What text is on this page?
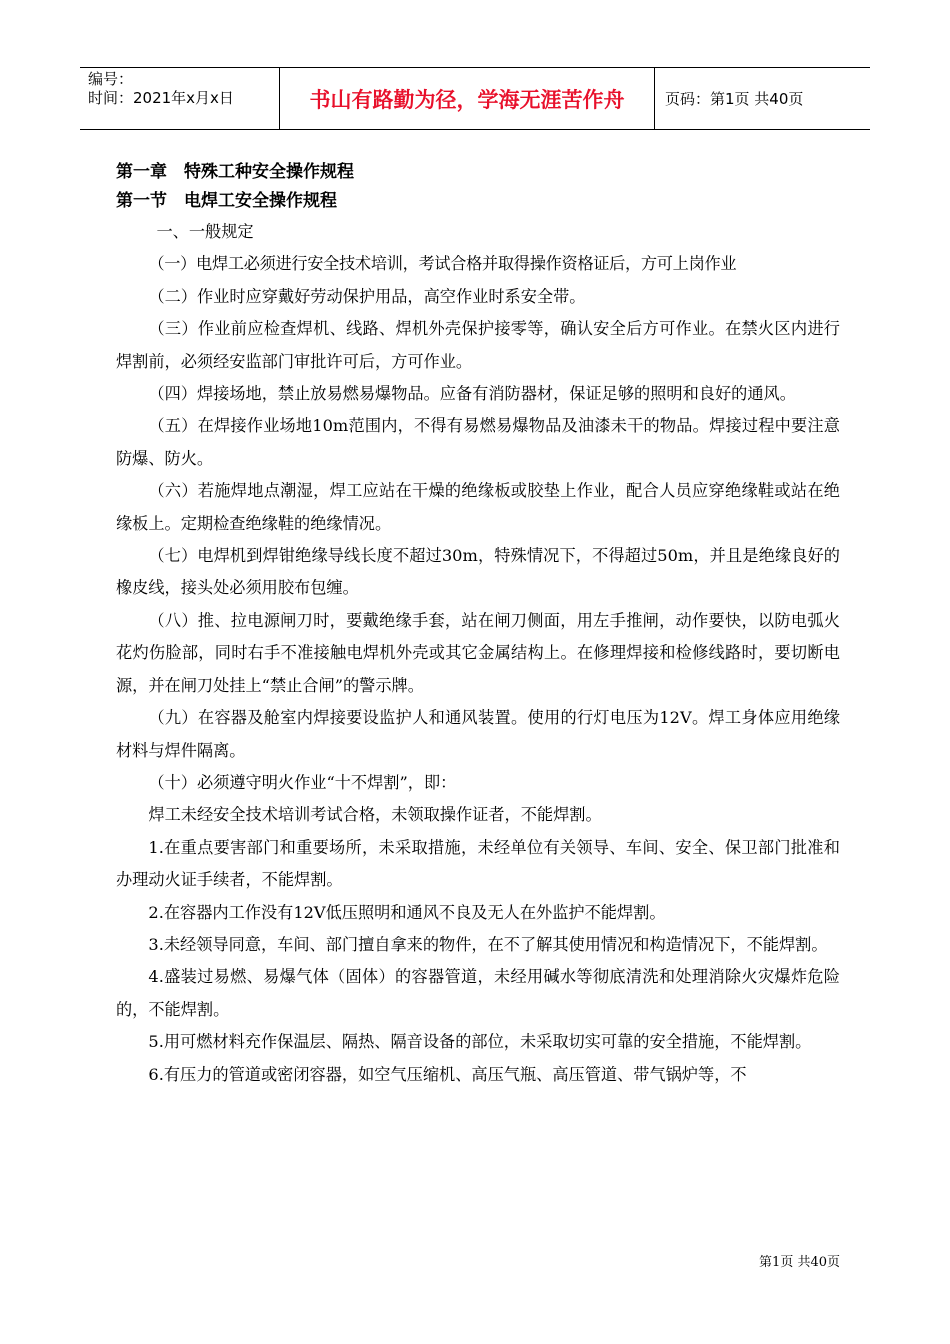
编号：
时间：2021年x月x日	书山有路勤为径，学海无涯苦作舟	页码：第1页 共40页
第一章　特殊工种安全操作规程
第一节　电焊工安全操作规程

一、一般规定

（一）电焊工必须进行安全技术培训，考试合格并取得操作资格证后，方可上岗作业

（二）作业时应穿戴好劳动保护用品，高空作业时系安全带。

（三）作业前应检查焊机、线路、焊机外壳保护接零等，确认安全后方可作业。在禁火区内进行焊割前，必须经安监部门审批许可后，方可作业。

（四）焊接场地，禁止放易燃易爆物品。应备有消防器材，保证足够的照明和良好的通风。

（五）在焊接作业场地10m范围内，不得有易燃易爆物品及油漆未干的物品。焊接过程中要注意防爆、防火。

（六）若施焊地点潮湿，焊工应站在干燥的绝缘板或胶垫上作业，配合人员应穿绝缘鞋或站在绝缘板上。定期检查绝缘鞋的绝缘情况。

（七）电焊机到焊钳绝缘导线长度不超过30m，特殊情况下，不得超过50m，并且是绝缘良好的橡皮线，接头处必须用胶布包缠。

（八）推、拉电源闸刀时，要戴绝缘手套，站在闸刀侧面，用左手推闸，动作要快，以防电弧火花灼伤脸部，同时右手不准接触电焊机外壳或其它金属结构上。在修理焊接和检修线路时，要切断电源，并在闸刀处挂上“禁止合闸”的警示牌。

（九）在容器及舱室内焊接要设监护人和通风装置。使用的行灯电压为12V。焊工身体应用绝缘材料与焊件隔离。

（十）必须遵守明火作业“十不焊割”，即：

焊工未经安全技术培训考试合格，未领取操作证者，不能焊割。

1.在重点要害部门和重要场所，未采取措施，未经单位有关领导、车间、安全、保卫部门批准和办理动火证手续者，不能焊割。

2.在容器内工作没有12V低压照明和通风不良及无人在外监护不能焊割。

3.未经领导同意，车间、部门擅自拿来的物件，在不了解其使用情况和构造情况下，不能焊割。

4.盛装过易燃、易爆气体（固体）的容器管道，未经用碱水等彻底清洗和处理消除火灾爆炸危险的，不能焊割。

5.用可燃材料充作保温层、隔热、隔音设备的部位，未采取切实可靠的安全措施，不能焊割。

6.有压力的管道或密闭容器，如空气压缩机、高压气瓶、高压管道、带气锅炉等，不

第1页 共40页
